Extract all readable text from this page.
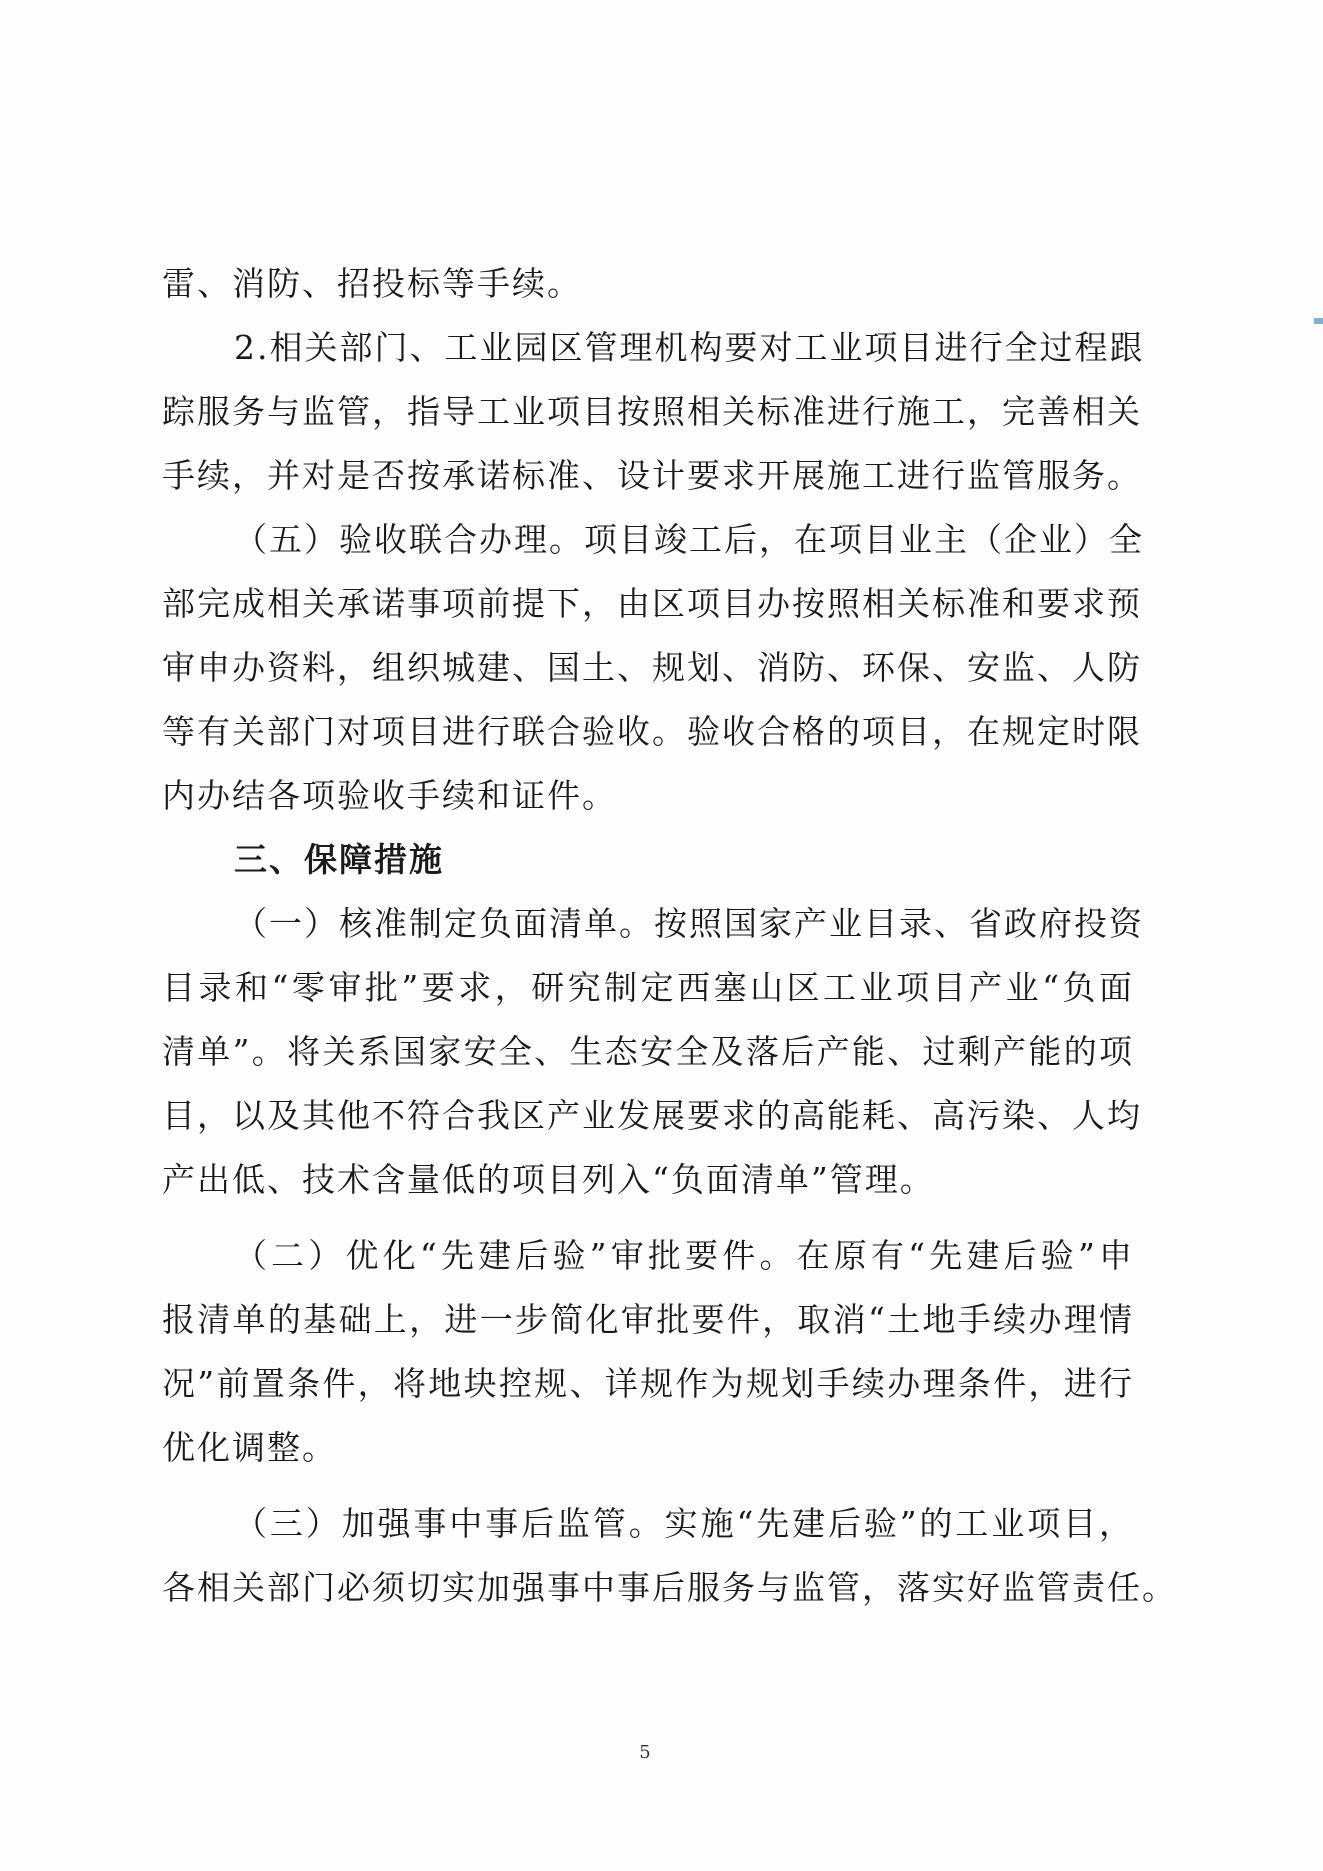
雷、消防、招投标等手续。
2.相关部门、工业园区管理机构要对工业项目进行全过程跟
踪服务与监管，指导工业项目按照相关标准进行施工，完善相关
手续，并对是否按承诺标准、设计要求开展施工进行监管服务。
（五）验收联合办理。项目竣工后，在项目业主（企业）全
部完成相关承诺事项前提下，由区项目办按照相关标准和要求预
审申办资料，组织城建、国土、规划、消防、环保、安监、人防
等有关部门对项目进行联合验收。验收合格的项目，在规定时限
内办结各项验收手续和证件。
三、保障措施
（一）核准制定负面清单。按照国家产业目录、省政府投资
目录和“零审批”要求，研究制定西塞山区工业项目产业“负面
清单”。将关系国家安全、生态安全及落后产能、过剩产能的项
目，以及其他不符合我区产业发展要求的高能耗、高污染、人均
产出低、技术含量低的项目列入“负面清单”管理。
（二）优化“先建后验”审批要件。在原有“先建后验”申
报清单的基础上，进一步简化审批要件，取消“土地手续办理情
况”前置条件，将地块控规、详规作为规划手续办理条件，进行
优化调整。
（三）加强事中事后监管。实施“先建后验”的工业项目，
各相关部门必须切实加强事中事后服务与监管，落实好监管责任。
5
